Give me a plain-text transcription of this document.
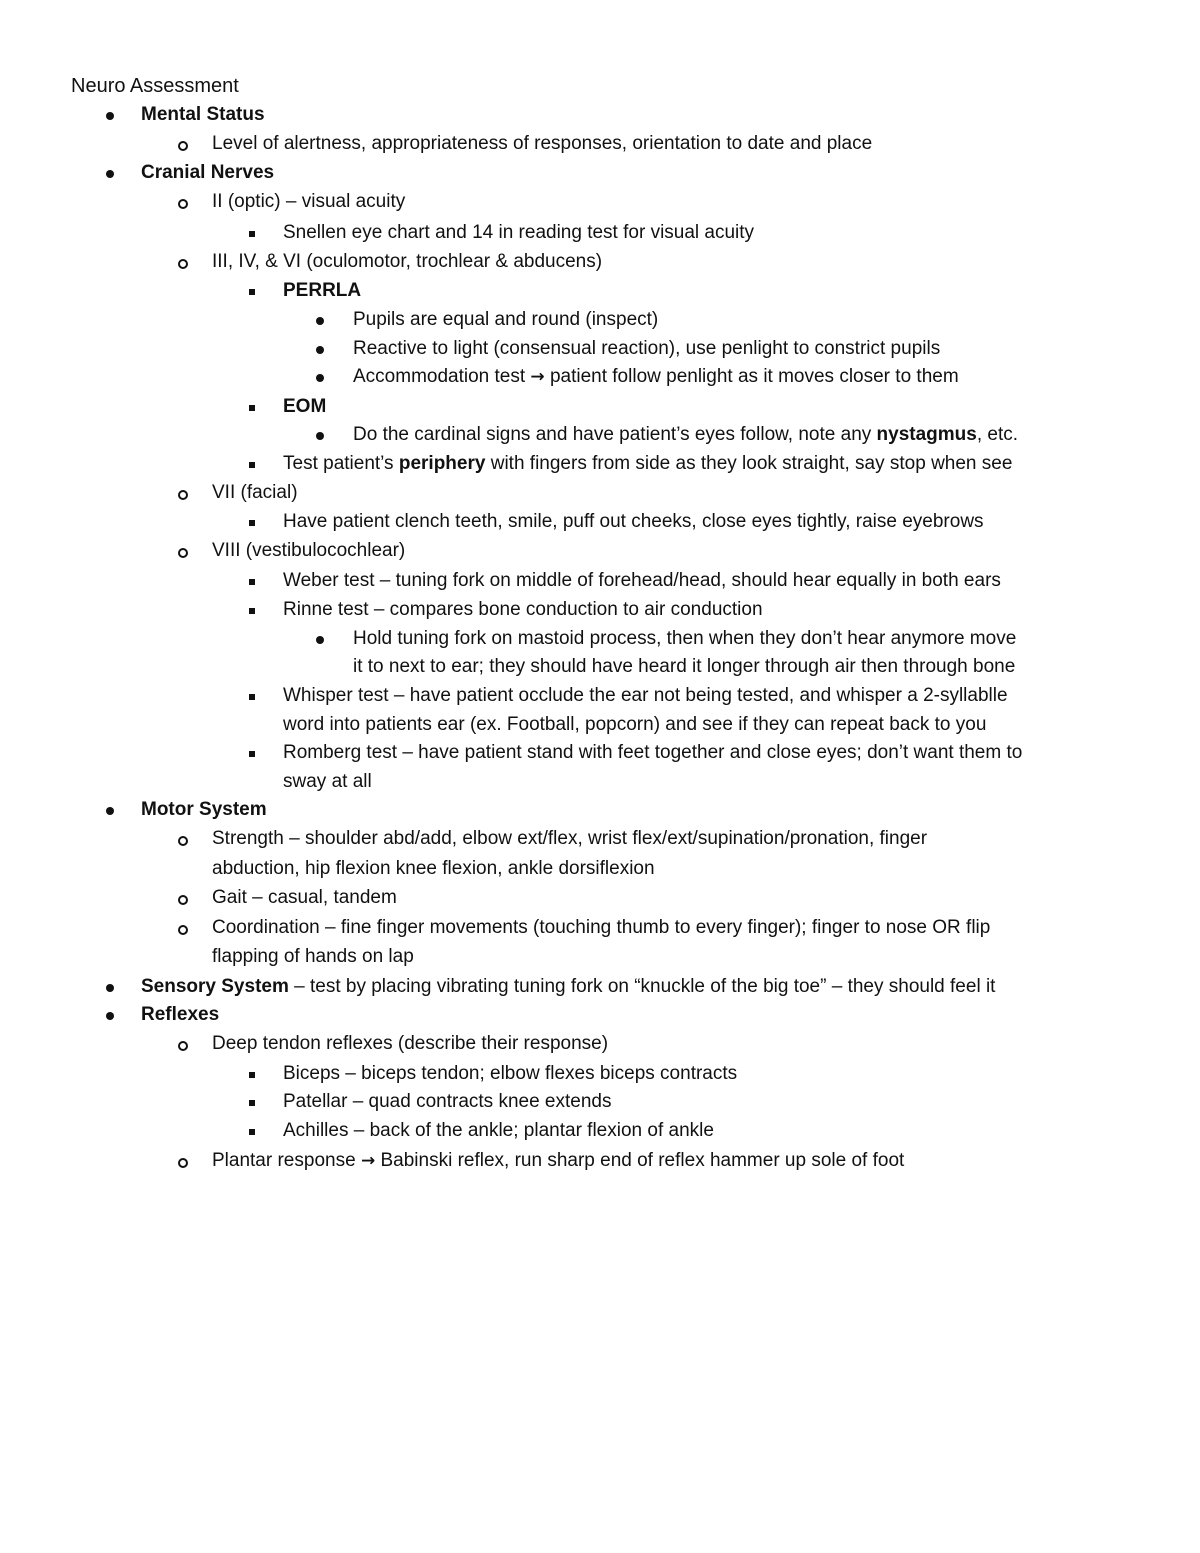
Neuro Assessment
Mental Status
Level of alertness, appropriateness of responses, orientation to date and place
Cranial Nerves
II (optic) – visual acuity
Snellen eye chart and 14 in reading test for visual acuity
III, IV, & VI (oculomotor, trochlear & abducens)
PERRLA
Pupils are equal and round (inspect)
Reactive to light (consensual reaction), use penlight to constrict pupils
Accommodation test → patient follow penlight as it moves closer to them
EOM
Do the cardinal signs and have patient’s eyes follow, note any nystagmus, etc.
Test patient’s periphery with fingers from side as they look straight, say stop when see
VII (facial)
Have patient clench teeth, smile, puff out cheeks, close eyes tightly, raise eyebrows
VIII (vestibulocochlear)
Weber test – tuning fork on middle of forehead/head, should hear equally in both ears
Rinne test – compares bone conduction to air conduction
Hold tuning fork on mastoid process, then when they don’t hear anymore move
it to next to ear; they should have heard it longer through air then through bone
Whisper test – have patient occlude the ear not being tested, and whisper a 2-syllablle
word into patients ear (ex. Football, popcorn) and see if they can repeat back to you
Romberg test – have patient stand with feet together and close eyes; don’t want them to
sway at all
Motor System
Strength – shoulder abd/add, elbow ext/flex, wrist flex/ext/supination/pronation, finger
abduction, hip flexion knee flexion, ankle dorsiflexion
Gait – casual, tandem
Coordination – fine finger movements (touching thumb to every finger); finger to nose OR flip
flapping of hands on lap
Sensory System – test by placing vibrating tuning fork on “knuckle of the big toe” – they should feel it
Reflexes
Deep tendon reflexes (describe their response)
Biceps – biceps tendon; elbow flexes biceps contracts
Patellar – quad contracts knee extends
Achilles – back of the ankle; plantar flexion of ankle
Plantar response → Babinski reflex, run sharp end of reflex hammer up sole of foot
